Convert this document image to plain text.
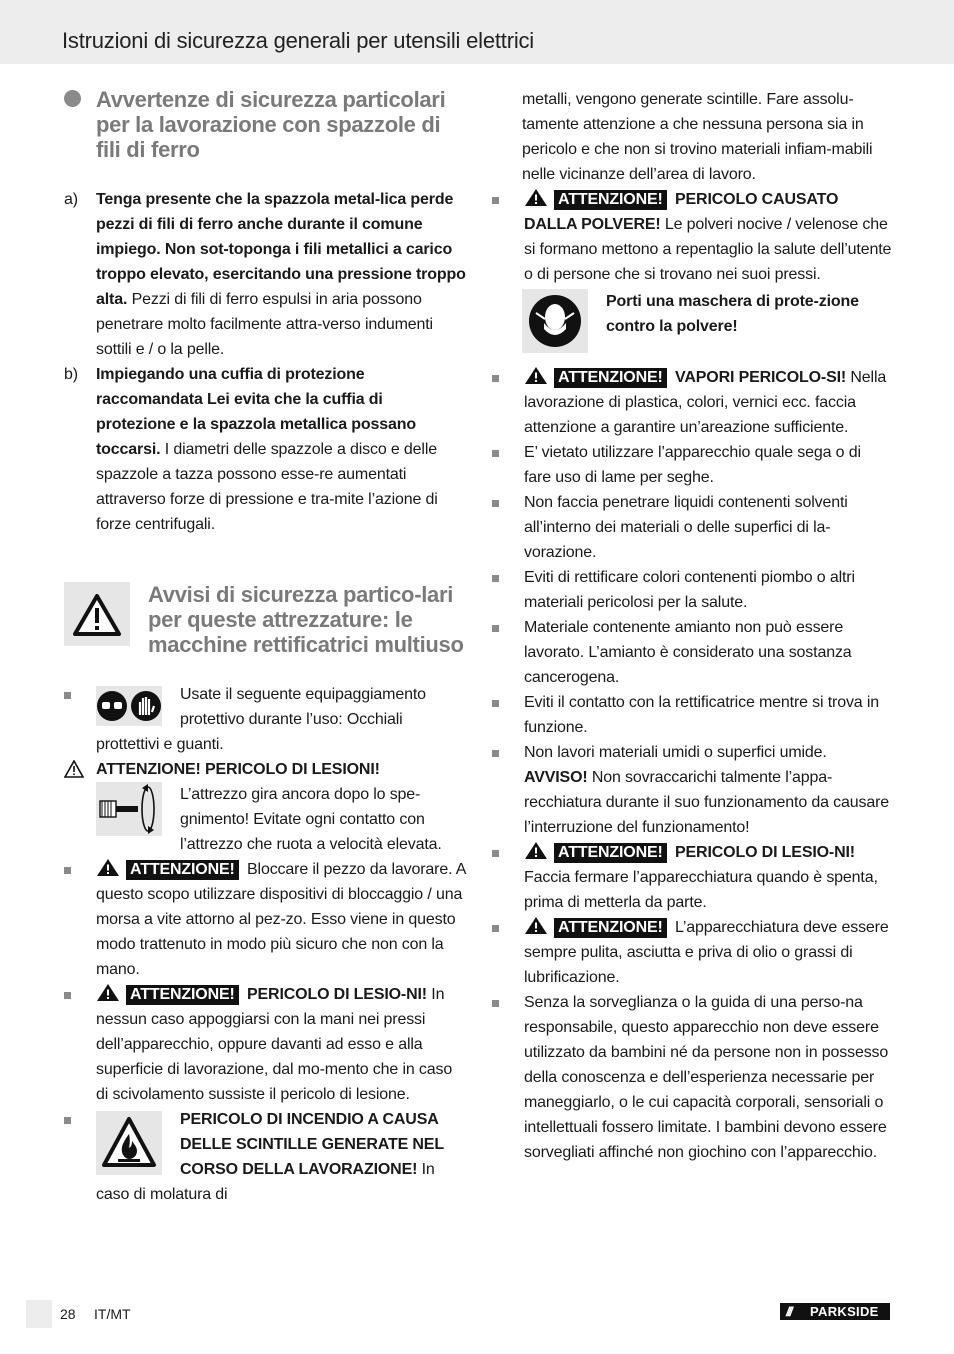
Istruzioni di sicurezza generali per utensili elettrici
Avvertenze di sicurezza particolari per la lavorazione con spazzole di fili di ferro
a) Tenga presente che la spazzola metal-lica perde pezzi di fili di ferro anche durante il comune impiego. Non sot-toponga i fili metallici a carico troppo elevato, esercitando una pressione troppo alta. Pezzi di fili di ferro espulsi in aria possono penetrare molto facilmente attra-verso indumenti sottili e / o la pelle.
b) Impiegando una cuffia di protezione raccomandata Lei evita che la cuffia di protezione e la spazzola metallica possano toccarsi. I diametri delle spazzole a disco e delle spazzole a tazza possono esse-re aumentati attraverso forze di pressione e tra-mite l’azione di forze centrifugali.
Avvisi di sicurezza partico-lari per queste attrezzature: le macchine rettificatrici multiuso
Usate il seguente equipaggiamento protettivo durante l’uso: Occhiali prottettivi e guanti.
ATTENZIONE! PERICOLO DI LESIONI!
L’attrezzo gira ancora dopo lo spe-gnimento! Evitate ogni contatto con l’attrezzo che ruota a velocità elevata.
ATTENZIONE! Bloccare il pezzo da lavorare. A questo scopo utilizzare dispositivi di bloccaggio / una morsa a vite attorno al pez-zo. Esso viene in questo modo trattenuto in modo più sicuro che non con la mano.
ATTENZIONE! PERICOLO DI LESIO-NI! In nessun caso appoggiarsi con la mani nei pressi dell’apparecchio, oppure davanti ad esso e alla superficie di lavorazione, dal mo-mento che in caso di scivolamento sussiste il pericolo di lesione.
PERICOLO DI INCENDIO A CAUSA DELLE SCINTILLE GENERATE NEL CORSO DELLA LAVORAZIONE! In caso di molatura di
metalli, vengono generate scintille. Fare assolu-tamente attenzione a che nessuna persona sia in pericolo e che non si trovino materiali infiam-mabili nelle vicinanze dell’area di lavoro.
ATTENZIONE! PERICOLO CAUSATO DALLA POLVERE! Le polveri nocive / velenose che si formano mettono a repentaglio la salute dell’utente o di persone che si trovano nei suoi pressi.
Porti una maschera di prote-zione contro la polvere!
ATTENZIONE! VAPORI PERICOLO-SI! Nella lavorazione di plastica, colori, vernici ecc. faccia attenzione a garantire un’areazione sufficiente.
E’ vietato utilizzare l’apparecchio quale sega o di fare uso di lame per seghe.
Non faccia penetrare liquidi contenenti solventi all’interno dei materiali o delle superfici di la-vorazione.
Eviti di rettificare colori contenenti piombo o altri materiali pericolosi per la salute.
Materiale contenente amianto non può essere lavorato. L’amianto è considerato una sostanza cancerogena.
Eviti il contatto con la rettificatrice mentre si trova in funzione.
Non lavori materiali umidi o superfici umide. AVVISO! Non sovraccarichi talmente l’appa-recchiatura durante il suo funzionamento da causare l’interruzione del funzionamento!
ATTENZIONE! PERICOLO DI LESIO-NI! Faccia fermare l’apparecchiatura quando è spenta, prima di metterla da parte.
ATTENZIONE! L’apparecchiatura deve essere sempre pulita, asciutta e priva di olio o grassi di lubrificazione.
Senza la sorveglianza o la guida di una perso-na responsabile, questo apparecchio non deve essere utilizzato da bambini né da persone non in possesso della conoscenza e dell’esperienza necessarie per maneggiarlo, o le cui capacità corporali, sensoriali o intellettuali fossero limitate. I bambini devono essere sorvegliati affinché non giochino con l’apparecchio.
28 IT/MT	/// PARKSIDE
